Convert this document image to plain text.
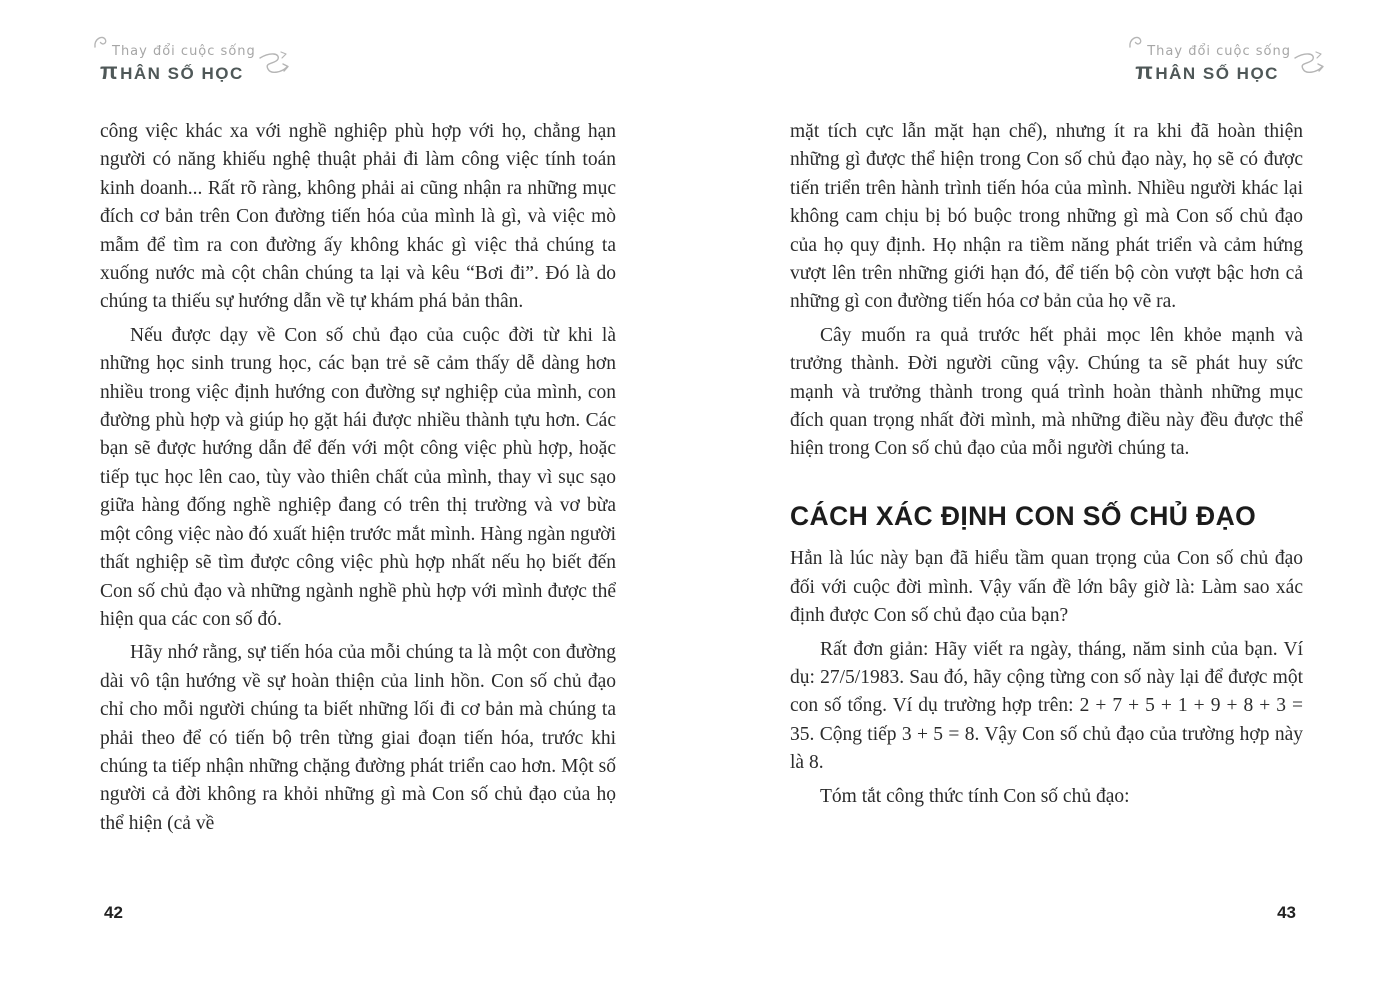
Thay đổi cuộc sống
πHÂN SỐ HỌC

công việc khác xa với nghề nghiệp phù hợp với họ, chẳng hạn người có năng khiếu nghệ thuật phải đi làm công việc tính toán kinh doanh... Rất rõ ràng, không phải ai cũng nhận ra những mục đích cơ bản trên Con đường tiến hóa của mình là gì, và việc mò mẫm để tìm ra con đường ấy không khác gì việc thả chúng ta xuống nước mà cột chân chúng ta lại và kêu “Bơi đi”. Đó là do chúng ta thiếu sự hướng dẫn về tự khám phá bản thân.

Nếu được dạy về Con số chủ đạo của cuộc đời từ khi là những học sinh trung học, các bạn trẻ sẽ cảm thấy dễ dàng hơn nhiều trong việc định hướng con đường sự nghiệp của mình, con đường phù hợp và giúp họ gặt hái được nhiều thành tựu hơn. Các bạn sẽ được hướng dẫn để đến với một công việc phù hợp, hoặc tiếp tục học lên cao, tùy vào thiên chất của mình, thay vì sục sạo giữa hàng đống nghề nghiệp đang có trên thị trường và vơ bừa một công việc nào đó xuất hiện trước mắt mình. Hàng ngàn người thất nghiệp sẽ tìm được công việc phù hợp nhất nếu họ biết đến Con số chủ đạo và những ngành nghề phù hợp với mình được thể hiện qua các con số đó.

Hãy nhớ rằng, sự tiến hóa của mỗi chúng ta là một con đường dài vô tận hướng về sự hoàn thiện của linh hồn. Con số chủ đạo chỉ cho mỗi người chúng ta biết những lối đi cơ bản mà chúng ta phải theo để có tiến bộ trên từng giai đoạn tiến hóa, trước khi chúng ta tiếp nhận những chặng đường phát triển cao hơn. Một số người cả đời không ra khỏi những gì mà Con số chủ đạo của họ thể hiện (cả về

42
Thay đổi cuộc sống
πHÂN SỐ HỌC

mặt tích cực lẫn mặt hạn chế), nhưng ít ra khi đã hoàn thiện những gì được thể hiện trong Con số chủ đạo này, họ sẽ có được tiến triển trên hành trình tiến hóa của mình. Nhiều người khác lại không cam chịu bị bó buộc trong những gì mà Con số chủ đạo của họ quy định. Họ nhận ra tiềm năng phát triển và cảm hứng vượt lên trên những giới hạn đó, để tiến bộ còn vượt bậc hơn cả những gì con đường tiến hóa cơ bản của họ vẽ ra.

Cây muốn ra quả trước hết phải mọc lên khỏe mạnh và trưởng thành. Đời người cũng vậy. Chúng ta sẽ phát huy sức mạnh và trưởng thành trong quá trình hoàn thành những mục đích quan trọng nhất đời mình, mà những điều này đều được thể hiện trong Con số chủ đạo của mỗi người chúng ta.

CÁCH XÁC ĐỊNH CON SỐ CHỦ ĐẠO

Hẳn là lúc này bạn đã hiểu tầm quan trọng của Con số chủ đạo đối với cuộc đời mình. Vậy vấn đề lớn bây giờ là: Làm sao xác định được Con số chủ đạo của bạn?

Rất đơn giản: Hãy viết ra ngày, tháng, năm sinh của bạn. Ví dụ: 27/5/1983. Sau đó, hãy cộng từng con số này lại để được một con số tổng. Ví dụ trường hợp trên: 2 + 7 + 5 + 1 + 9 + 8 + 3 = 35. Cộng tiếp 3 + 5 = 8. Vậy Con số chủ đạo của trường hợp này là 8.

Tóm tắt công thức tính Con số chủ đạo:

43
